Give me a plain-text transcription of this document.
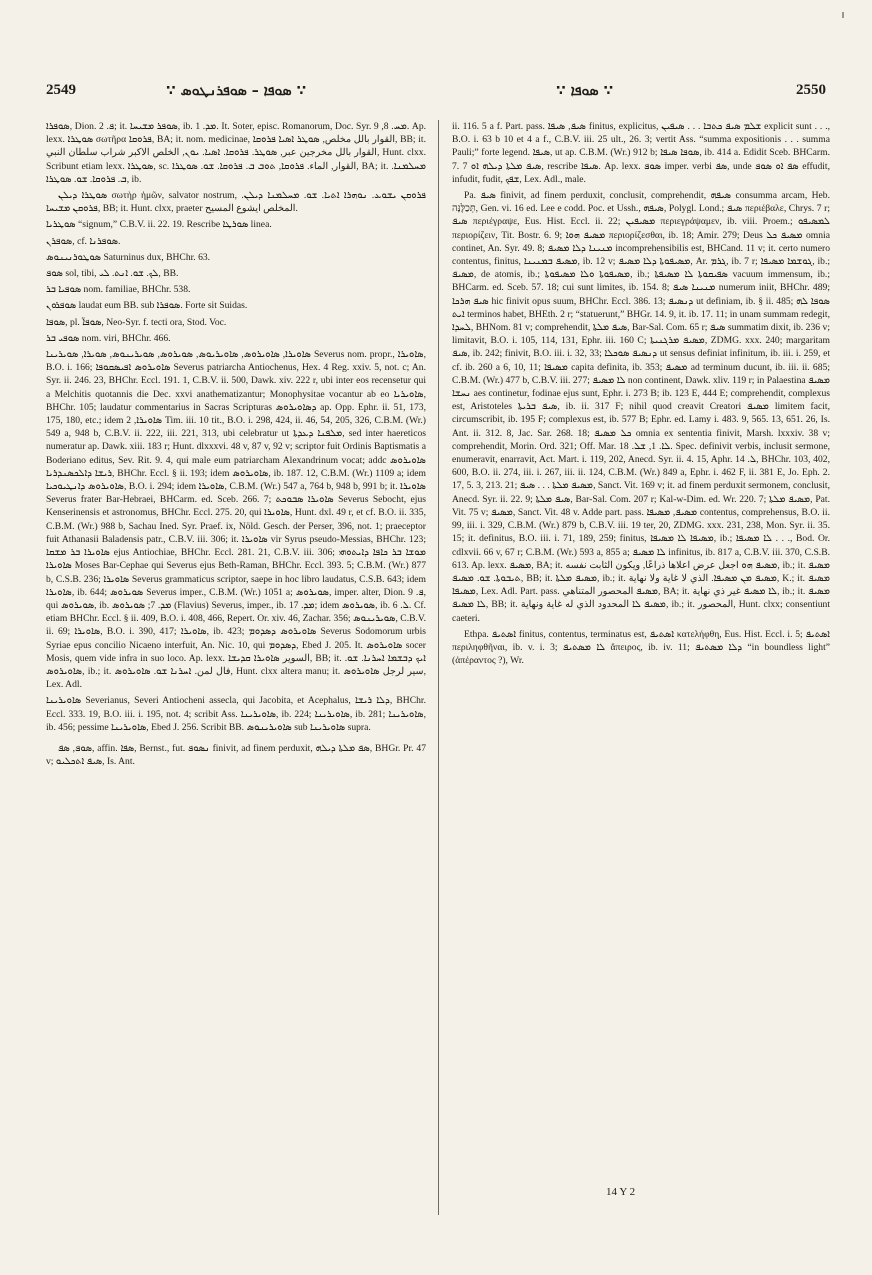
2549	∵ ܣܘܦܐ – ܣܘܦܪܢܛܘܣ ∵	∵ ܣܘܦܐ ∵	2550

ܣܘܦܪܐ, Dion. ܦ. 2; it. ܣܘܦܪ ܡܫܝܚܐ, ib. ܡܕ. 1. It. Soter, episc. Romanorum, Doc. Syr. ܡܚ. 8, 9. Ap. lexx. ܣܘܛܪܐ σωτῆρα ܦܪܘܩܐ, BA; it. nom. medicinae, القوار بالل مخلص, ܣܘܛܪ ܐܣܝܐ ܦܪܘܩܐ, BB; it. القوار بالل مخرجين عبر, ܣܘܛܪ. ܦܪܘܩܐ. ܐܣܝܐ. ܝܘܢ, الخلص الاكبر شراب سلطان النبي, Hunt. clxx. Scribunt etiam lexx. ܣܘܛܪܐ, sc. القوار, الماء. ܦܪܘܩܐ, ܬܘܒ ܒ. ܦܪܘܩܐ. ܫܘ. ܣܘܛܪܐ, BA; it. ܡܚܠܡܢܐ. ܒ. ܦܪܘܩܐ. ܫܘ. ܣܘܛܪܐ, ib.

ܣܘܛܪܐ ܕܝܠܢ σωτὴρ ἡμῶν, salvator nostrum, ܦܪܘܩܢ ܝܫܘܥ. ܢܘܗܪܐ ܐܬܝܐ. ܫܘ. ܡܚܠܡܢܐ ܕܝܠܢ. ܦܪܘܩܢ ܡܫܝܚܐ, BB; it. Hunt. clxx, praeter المخلص ايشوع المسيح.

ܣܘܛܪܝܐ “signum,” C.B.V. ii. 22. 19. Rescribe ܣܘܪܛܐ linea.

ܣܘܦܪܢ, cf. ܣܘܦܪܢܐ.

ܣܘܛܘܪܢܝܢܘܣ Saturninus dux, BHChr. 63.

ܣܘܦ sol, tibi, ܠܟ. ܫܘ. ܐܢܬ. ܠܝ, BB.

ܣܘܦܝܐ ܒܪ nom. familiae, BHChr. 538.

ܣܘܦܪܘܢ laudat eum BB. sub ܣܘܦܪܐ. Forte sit Suidas.

ܣܘܦܐ, pl. ܣܘܦܐ̈, Neo-Syr. f. tecti ora, Stod. Voc.

ܣܘܦܝ ܒܪ nom. viri, BHChr. 466.

ܣܐܘܝܪܐ, ܣܐܘܝܪܘܣ, ܣܐܘܝܪܝܘܣ, ܣܘܝܪܘܣ, ܣܘܝܪܝܢܘܣ, ܣܘܝܪܐ, ܣܘܝܪܝܢܐ Severus nom. propr., ܣܐܘܝܪܐ, B.O. i. 166; ܣܐܘܝܪܘܣ ܐܦܝܣܩܘܦܐ Severus patriarcha Antiochenus, Hex. 4 Reg. xxiv. 5, not. c; An. Syr. ii. 246. 23, BHChr. Eccl. 191. 1, C.B.V. ii. 500, Dawk. xiv. 222 r, ubi inter eos recensetur qui a Melchitis quotannis die Dec. xxvi anathematizantur; Monophysitae vocantur ab eo ܣܐܘܝܪܝܐ, BHChr. 105; laudatur commentarius in Sacras Scripturas ܕܣܐܘܝܪܘܣ ap. Opp. Ephr. ii. 51, 173, 175, 180, etc.; idem ܣܐܘܝܪܐ, 2 Tim. iii. 10 tit., B.O. i. 298, 424, ii. 46, 54, 205, 326, C.B.M. (Wr.) 549 a, 948 b, C.B.V. ii. 222, iii. 221, 313, ubi celebratur ut ܡܠܦܢܐ ܕܥܕܬܐ, sed inter haereticos numeratur ap. Dawk. xiii. 183 r; Hunt. dlxxxvi. 48 v, 87 v, 92 v; scriptor fuit Ordinis Baptismatis a Boderiano editus, Sev. Rit. 9. 4, qui male eum patriarcham Alexandrinum vocat; addc ܣܐܘܝܪܘܣ ܪܝܫܐ ܕܐܠܟܣܢܕܪܝܐ, BHChr. Eccl. § ii. 193; idem ܣܐܘܝܪܘܣ, ib. 187. 12, C.B.M. (Wr.) 1109 a; idem ܣܐܘܝܪܘܣ ܕܐܢܛܝܘܟܝܐ, B.O. i. 294; idem ܣܐܘܝܪܐ, C.B.M. (Wr.) 547 a, 764 b, 948 b, 991 b; it. ܣܐܘܝܪܐ Severus frater Bar-Hebraei, BHCarm. ed. Sceb. 266. 7; ܣܐܘܝܪܐ ܣܒܘܟܬ Severus Sebocht, ejus Kenserinensis et astronomus, BHChr. Eccl. 275. 20, qui ܣܐܘܝܪܐ, Hunt. dxl. 49 r, et cf. B.O. ii. 335, C.B.M. (Wr.) 988 b, Sachau Ined. Syr. Praef. ix, Nöld. Gesch. der Perser, 396, not. 1; praeceptor fuit Athanasii Baladensis patr., C.B.V. iii. 306; it. ܣܐܘܝܪܐ vir Syrus pseudo-Messias, BHChr. 123; ܣܐܘܝܪܐ ܒܪ ܡܫܩܐ ejus Antiochiae, BHChr. Eccl. 281. 21, C.B.V. iii. 306; ܡܘܫܐ ܒܪ ܟܐܦܐ ܕܐܝܬܘܗܝ ܣܐܘܝܪܐ Moses Bar-Cephae qui Severus ejus Beth-Raman, BHChr. Eccl. 393. 5; C.B.M. (Wr.) 877 b, C.S.B. 236; ܣܐܘܝܪܐ Severus grammaticus scriptor, saepe in hoc libro laudatus, C.S.B. 643; idem ܣܐܘܝܪܐ, ib. 644; ܣܘܝܪܘܣ Severus imper., C.B.M. (Wr.) 1051 a; ܣܘܝܪܘܣ, imper. alter, Dion. ܦ. 9, qui ܣܘܝܪܘܣ, ib. ܡܕ. 7; ܣܘܝܪܘܣ (Flavius) Severus, imper., ib. ܡܕ. 17; idem ܣܘܝܪܘܣ, ib. ܠ. 6. Cf. etiam BHChr. Eccl. § ii. 409, B.O. i. 408, 466, Repert. Or. xiv. 46, Zachar. 356; ܣܘܝܪܝܢܘܣ, C.B.V. ii. 69; ܣܐܘܝܪܐ, B.O. i. 390, 417; ܣܐܘܝܪܐ, ib. 423; ܣܐܘܝܪܘܣ ܕܣܕܘܡ Severus Sodomorum urbis Syriae epus concilio Nicaeno interfuit, An. Nic. 10, qui ܕܣܕܘܡ, Ebed J. 205. It. ܣܐܘܝܪܘܣ socer Mosis, quem vide infra in suo loco. Ap. lexx. السوير ܣܐܘܝܪܐ ܩܕܝܫܐ, BB; it. ܐܝܟ ܕܒܫܡܐ ܐܚܪܢܐ. ܫܘ. ܣܐܘܝܪܘܣ, ib.; it. فال لمن. ܐܚܪܢܐ ܫܘ. ܣܐܘܝܪܘܣ, Hunt. clxx altera manu; it. سير لرجل ܣܐܘܝܪܘܣ, Lex. Adl.

ܣܐܘܝܪܝܢܐ Severianus, Severi Antiocheni assecla, qui Jacobita, et Acephalus, ܕܠܐ ܪܝܫܐ, BHChr. Eccl. 333. 19, B.O. iii. i. 195, not. 4; scribit Ass. ܣܐܘܝܪܝܢܐ, ib. 224; ܣܐܘܝܪܝܢܐ, ib. 281; ܣܐܘܝܪܝܢܐ, ib. 456; pessime ܣܐܘܝܪܝܢܐ, Ebed J. 256. Scribit BB. ܣܐܘܝܪܝܢܘܣ sub ܣܐܘܝܪܝܢܐ supra.

ܣܘܦ, ܣܦ, affin. ܣܦܐ, Bernst., fut. ܢܣܘܦ finivit, ad finem perduxit, ܣܦ ܡܠܬܐ ܕܝܠܗ, BHGr. Pr. 47 v; ܣܝܦ ܐܬܟܠܝܘ, Is. Ant.

ii. 116. 5 a f. Part. pass. ܣܝܦ, ܣܝܦܐ finitus, explicitus, ܫܠܡ ܣܝܦ ܟܬܒܐ . . . ܣܝܦܝܢ explicit sunt . . ., B.O. i. 63 b 10 et 4 a f., C.B.V. iii. 25 ult., 26. 3; vertit Ass. “summa expositionis . . . summa Pauli;” forte legend. ܣܝܦܐ, ut ap. C.B.M. (Wr.) 912 b; ܣܘܦܐ ܣܝܦܐ, ib. 414 a. Edidit Sceb. BHCarm. 7. 7 ܣܝܦ ܡܠܬܐ ܕܝܠܗ ܐܘ, rescribe ܣܝܦܐ. Ap. lexx. ܣܘܦ imper. verbi ܣܦ, unde ܣܦ ܐܘ ܣܘܦ effudit, infudit, fudit, ܫܦܟ, Lex. Adl., male.

Pa. ܣܝܦ finivit, ad finem perduxit, conclusit, comprehendit, ܣܝܦܗ consumma arcam, Heb. תְּכַלֶּנָּה, Gen. vi. 16 ed. Lee e codd. Poc. et Ussh., ܣܝܦܗ, Polygl. Lond.; ܣܝܦ περιέβαλε, Chrys. 7 r; ܣܝܦ περιέγραψε, Eus. Hist. Eccl. ii. 22; ܡܣܝܦܝܢ περιεγράψαμεν, ib. viii. Proem.; ܠܡܣܝܦܘ περιορίζειν, Tit. Bostr. 6. 9; ܡܣܝܦ ܗܘܐ περιορίζεσθαι, ib. 18; Amir. 279; Deus ܡܣܝܦ ܟܠ omnia continet, An. Syr. 49. 8; ܡܢܝܢܐ ܕܠܐ ܡܣܝܦ incomprehensibilis est, BHCand. 11 v; it. certo numero contentus, finitus, ܡܣܝܦ ܒܡܢܝܢܐ, ib. 12 v; ܡܣܝܦܘܬܐ ܕܠܐ ܡܣܝܦ, Ar. ܓܪܡ, ib. 7 r; ܓܘܫܡܐ ܡܣܝܦܐ, ib.; ܡܣܝܦ, de atomis, ib.; ܡܣܝܦܘܬܐ ܘܠܐ ܡܣܝܦܘܬܐ, ib.; ܣܦܝܩܘܬܐ ܠܐ ܡܣܝܦܬܐ vacuum immensum, ib.; BHCarm. ed. Sceb. 57. 18; cui sunt limites, ib. 154. 8; ܡܢܝܢܐ ܣܝܦ numerum iniit, BHChr. 489; ܣܝܦ ܗܪܟܐ hic finivit opus suum, BHChr. Eccl. 386. 13; ܕܢܣܝܦ ut definiam, ib. § ii. 485; ܣܘܦܐ ܠܗ ܐܝܬ terminos habet, BHEth. 2 r; “statuerunt,” BHGr. 14. 9, it. ib. 17. 11; in unam summam redegit, ܠܚܕܐ, BHNom. 81 v; comprehendit, ܣܝܦ ܡܠܬܐ, Bar-Sal. Com. 65 r; ܣܝܦ summatim dixit, ib. 236 v; limitavit, B.O. i. 105, 114, 131, Ephr. iii. 160 C; ܡܣܝܦ ܡܪܓܢܝܬܐ, ZDMG. xxx. 240; margaritam ܣܝܦ, ib. 242; finivit, B.O. iii. i. 32, 33; ܕܢܣܝܦ ܣܘܟܠܐ ut sensus definiat infinitum, ib. iii. i. 259, et cf. ib. 260 a 6, 10, 11; ܡܣܝܦܐ capita definita, ib. 353; ܡܣܝܦ ad terminum ducunt, ib. iii. ii. 685; C.B.M. (Wr.) 477 b, C.B.V. iii. 277; ܠܐ ܡܣܝܦ non continent, Dawk. xliv. 119 r; in Palaestina ܡܣܝܦ ܢܚܫܐ aes continetur, fodinae ejus sunt, Ephr. i. 273 B; ib. 123 E, 444 E; comprehendit, complexus est, Aristoteles ܣܝܦ ܒܪܝܬܐ, ib. ii. 317 F; nihil quod creavit Creatori ܡܣܝܦ limitem facit, circumscribit, ib. 195 F; complexus est, ib. 577 B; Ephr. ed. Lamy i. 483. 9, 565. 13, 651. 26, Is. Ant. ii. 312. 8, Jac. Sar. 268. 18; ܟܠ ܡܣܝܦ omnia ex sententia finivit, Marsh. lxxxiv. 38 v; comprehendit, Morin. Ord. 321; Off. Mar. ܠܐ. 1, ܫܠ. 18. Spec. definivit verbis, inclusit sermone, enumeravit, enarravit, Act. Mart. i. 119, 202, Anecd. Syr. ii. 4. 15, Aphr. ܠ. 14, BHChr. 103, 402, 600, B.O. ii. 274, iii. i. 267, iii. ii. 124, C.B.M. (Wr.) 849 a, Ephr. i. 462 F, ii. 381 E, Jo. Eph. 2. 17, 5. 3, 213. 21; ܡܣܝܦ ܡܠܬܐ . . . ܣܝܦ, Sanct. Vit. 169 v; it. ad finem perduxit sermonem, conclusit, Anecd. Syr. ii. 22. 9; ܣܝܦ ܡܠܬܐ, Bar-Sal. Com. 207 r; Kal-w-Dim. ed. Wr. 220. 7; ܡܣܝܦ ܡܠܬܐ, Pat. Vit. 75 v; ܡܣܝܦ, Sanct. Vit. 48 v. Adde part. pass. ܡܣܝܦ, ܡܣܝܦܐ contentus, comprehensus, B.O. ii. 99, iii. i. 329, C.B.M. (Wr.) 879 b, C.B.V. iii. 19 ter, 20, ZDMG. xxx. 231, 238, Mon. Syr. ii. 35. 15; it. definitus, B.O. iii. i. 71, 189, 259; finitus, ܡܣܝܦܐ ܠܐ ܡܣܝܦܐ, ib.; ܠܐ ܡܣܝܦܐ . . ., Bod. Or. cdlxvii. 66 v, 67 r; C.B.M. (Wr.) 593 a, 855 a; ܠܐ ܡܣܝܦ infinitus, ib. 817 a, C.B.V. iii. 370, C.S.B. 613. Ap. lexx. ܡܣܝܦ, BA; it. ܡܣܝܦ ܗܘ اجعل عرض اعلاها ذراعًا, ويكون الثابت نفسه, ib.; it. ܡܣܝܦ ܬܝܒܘܬܐ. ܫܘ. ܡܣܝܦ, BB; it. ܡܣܝܦ ܡܠܬܐ, ib.; it. ܡܣܝܦ ܡܢ ܡܣܝܦܐ. الذي لا غاية ولا نهاية, K.; it. ܡܣܝܦ ܡܣܝܦܐ, Lex. Adl. Part. pass. ܡܣܝܦ المحصور المتناهي, BA; it. ܠܐ ܡܣܝܦ غير ذي نهاية, ib.; it. ܡܣܝܦ ܠܐ ܡܣܝܦ, BB; it. ܡܣܝܦ ܠܐ المحدود الذي له غاية ونهاية, ib.; it. المحصور, Hunt. clxx; consentiunt caeteri.

Ethpa. ܐܣܬܝܦ finitus, contentus, terminatus est, ܐܣܬܝܦ κατελήφθη, Eus. Hist. Eccl. i. 5; ܐܣܬܝܦ περιληφθῆναι, ib. v. i. 3; ܠܐ ܡܣܬܝܦ ἄπειρος, ib. iv. 11; ܕܠܐ ܡܣܬܝܦ “in boundless light” (ἀπέραντος ?), Wr.

14 Y 2
